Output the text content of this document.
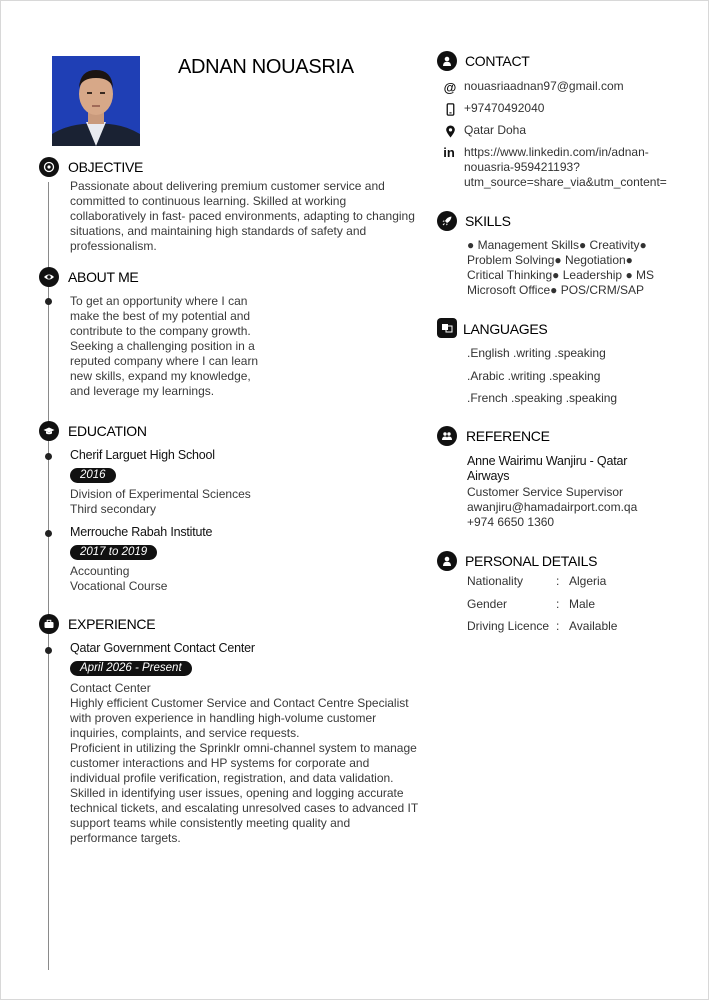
ADNAN NOUASRIA
OBJECTIVE
Passionate about delivering premium customer service and
committed to continuous learning. Skilled at working
collaboratively in fast- paced environments, adapting to changing
situations, and maintaining high standards of safety and
professionalism.
ABOUT ME
To get an opportunity where I can
make the best of my potential and
contribute to the company growth.
Seeking a challenging position in a
reputed company where I can learn
new skills, expand my knowledge,
and leverage my learnings.
EDUCATION
Cherif Larguet High School
2016
Division of Experimental Sciences
Third secondary
Merrouche Rabah Institute
2017 to 2019
Accounting
Vocational Course
EXPERIENCE
Qatar Government Contact Center
April 2026 - Present
Contact Center
Highly efficient Customer Service and Contact Centre Specialist
with proven experience in handling high-volume customer
inquiries, complaints, and service requests.
Proficient in utilizing the Sprinklr omni-channel system to manage
customer interactions and HP systems for corporate and
individual profile verification, registration, and data validation.
Skilled in identifying user issues, opening and logging accurate
technical tickets, and escalating unresolved cases to advanced IT
support teams while consistently meeting quality and
performance targets.
CONTACT
@ nouasriaadnan97@gmail.com
+97470492040
Qatar Doha
in https://www.linkedin.com/in/adnan-
nouasria-959421193?
utm_source=share_via&utm_content=
SKILLS
● Management Skills● Creativity●
Problem Solving● Negotiation●
Critical Thinking● Leadership ● MS
Microsoft Office● POS/CRM/SAP
LANGUAGES
.English .writing .speaking
.Arabic .writing .speaking
.French .speaking .speaking
REFERENCE
Anne Wairimu Wanjiru - Qatar
Airways
Customer Service Supervisor
awanjiru@hamadairport.com.qa
+974 6650 1360
PERSONAL DETAILS
Nationality	: Algeria
Gender	: Male
Driving Licence : Available
